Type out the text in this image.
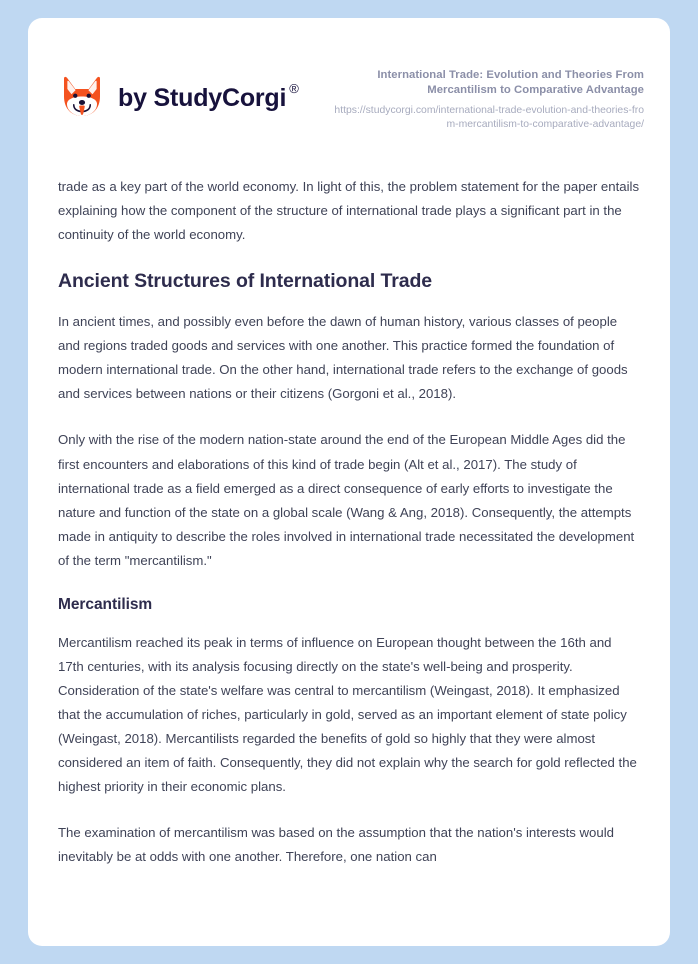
by StudyCorgi ®

International Trade: Evolution and Theories From Mercantilism to Comparative Advantage

https://studycorgi.com/international-trade-evolution-and-theories-from-mercantilism-to-comparative-advantage/

trade as a key part of the world economy. In light of this, the problem statement for the paper entails explaining how the component of the structure of international trade plays a significant part in the continuity of the world economy.

Ancient Structures of International Trade

In ancient times, and possibly even before the dawn of human history, various classes of people and regions traded goods and services with one another. This practice formed the foundation of modern international trade. On the other hand, international trade refers to the exchange of goods and services between nations or their citizens (Gorgoni et al., 2018).

Only with the rise of the modern nation-state around the end of the European Middle Ages did the first encounters and elaborations of this kind of trade begin (Alt et al., 2017). The study of international trade as a field emerged as a direct consequence of early efforts to investigate the nature and function of the state on a global scale (Wang & Ang, 2018). Consequently, the attempts made in antiquity to describe the roles involved in international trade necessitated the development of the term "mercantilism."

Mercantilism

Mercantilism reached its peak in terms of influence on European thought between the 16th and 17th centuries, with its analysis focusing directly on the state's well-being and prosperity. Consideration of the state's welfare was central to mercantilism (Weingast, 2018). It emphasized that the accumulation of riches, particularly in gold, served as an important element of state policy (Weingast, 2018). Mercantilists regarded the benefits of gold so highly that they were almost considered an item of faith. Consequently, they did not explain why the search for gold reflected the highest priority in their economic plans.

The examination of mercantilism was based on the assumption that the nation's interests would inevitably be at odds with one another. Therefore, one nation can
